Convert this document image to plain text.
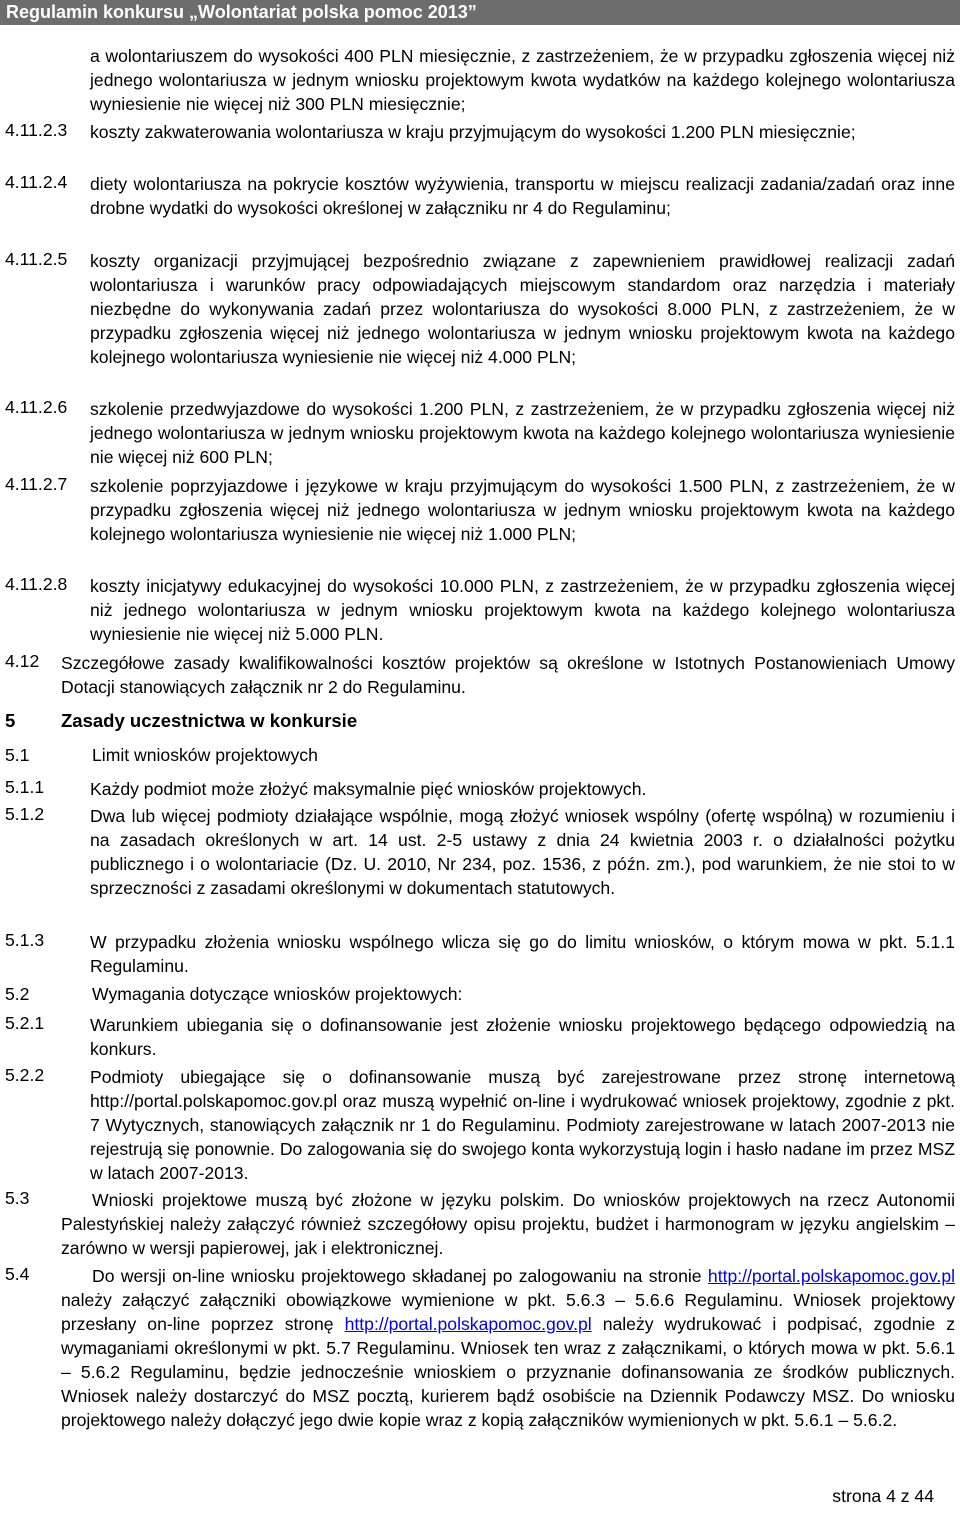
Regulamin konkursu „Wolontariat polska pomoc 2013”
a wolontariuszem do wysokości 400 PLN miesięcznie, z zastrzeżeniem, że w przypadku zgłoszenia więcej niż jednego wolontariusza w jednym wniosku projektowym kwota wydatków na każdego kolejnego wolontariusza wyniesienie nie więcej niż 300 PLN miesięcznie;
4.11.2.3 koszty zakwaterowania wolontariusza w kraju przyjmującym do wysokości 1.200 PLN miesięcznie;
4.11.2.4 diety wolontariusza na pokrycie kosztów wyżywienia, transportu w miejscu realizacji zadania/zadań oraz inne drobne wydatki do wysokości określonej w załączniku nr 4 do Regulaminu;
4.11.2.5 koszty organizacji przyjmującej bezpośrednio związane z zapewnieniem prawidłowej realizacji zadań wolontariusza i warunków pracy odpowiadających miejscowym standardom oraz narzędzia i materiały niezbędne do wykonywania zadań przez wolontariusza do wysokości 8.000 PLN, z zastrzeżeniem, że w przypadku zgłoszenia więcej niż jednego wolontariusza w jednym wniosku projektowym kwota na każdego kolejnego wolontariusza wyniesienie nie więcej niż 4.000 PLN;
4.11.2.6 szkolenie przedwyjazdowe do wysokości 1.200 PLN, z zastrzeżeniem, że w przypadku zgłoszenia więcej niż jednego wolontariusza w jednym wniosku projektowym kwota na każdego kolejnego wolontariusza wyniesienie nie więcej niż 600 PLN;
4.11.2.7 szkolenie poprzyjazdowe i językowe w kraju przyjmującym do wysokości 1.500 PLN, z zastrzeżeniem, że w przypadku zgłoszenia więcej niż jednego wolontariusza w jednym wniosku projektowym kwota na każdego kolejnego wolontariusza wyniesienie nie więcej niż 1.000 PLN;
4.11.2.8 koszty inicjatywy edukacyjnej do wysokości 10.000 PLN, z zastrzeżeniem, że w przypadku zgłoszenia więcej niż jednego wolontariusza w jednym wniosku projektowym kwota na każdego kolejnego wolontariusza wyniesienie nie więcej niż 5.000 PLN.
4.12 Szczegółowe zasady kwalifikowalności kosztów projektów są określone w Istotnych Postanowieniach Umowy Dotacji stanowiących załącznik nr 2 do Regulaminu.
5 Zasady uczestnictwa w konkursie
5.1	Limit wniosków projektowych
5.1.1	Każdy podmiot może złożyć maksymalnie pięć wniosków projektowych.
5.1.2	Dwa lub więcej podmioty działające wspólnie, mogą złożyć wniosek wspólny (ofertę wspólną) w rozumieniu i na zasadach określonych w art. 14 ust. 2-5 ustawy z dnia 24 kwietnia 2003 r. o działalności pożytku publicznego i o wolontariacie (Dz. U. 2010, Nr 234, poz. 1536, z późn. zm.), pod warunkiem, że nie stoi to w sprzeczności z zasadami określonymi w dokumentach statutowych.
5.1.3	W przypadku złożenia wniosku wspólnego wlicza się go do limitu wniosków, o którym mowa w pkt. 5.1.1 Regulaminu.
5.2	Wymagania dotyczące wniosków projektowych:
5.2.1	Warunkiem ubiegania się o dofinansowanie jest złożenie wniosku projektowego będącego odpowiedzią na konkurs.
5.2.2	Podmioty ubiegające się o dofinansowanie muszą być zarejestrowane przez stronę internetową http://portal.polskapomoc.gov.pl oraz muszą wypełnić on-line i wydrukować wniosek projektowy, zgodnie z pkt. 7 Wytycznych, stanowiących załącznik nr 1 do Regulaminu. Podmioty zarejestrowane w latach 2007-2013 nie rejestrują się ponownie. Do zalogowania się do swojego konta wykorzystują login i hasło nadane im przez MSZ w latach 2007-2013.
5.3	Wnioski projektowe muszą być złożone w języku polskim. Do wniosków projektowych na rzecz Autonomii Palestyńskiej należy załączyć również szczegółowy opisu projektu, budżet i harmonogram w języku angielskim – zarówno w wersji papierowej, jak i elektronicznej.
5.4	Do wersji on-line wniosku projektowego składanej po zalogowaniu na stronie http://portal.polskapomoc.gov.pl należy załączyć załączniki obowiązkowe wymienione w pkt. 5.6.3 – 5.6.6 Regulaminu. Wniosek projektowy przesłany on-line poprzez stronę http://portal.polskapomoc.gov.pl należy wydrukować i podpisać, zgodnie z wymaganiami określonymi w pkt. 5.7 Regulaminu. Wniosek ten wraz z załącznikami, o których mowa w pkt. 5.6.1 – 5.6.2 Regulaminu, będzie jednocześnie wnioskiem o przyznanie dofinansowania ze środków publicznych. Wniosek należy dostarczyć do MSZ pocztą, kurierem bądź osobiście na Dziennik Podawczy MSZ. Do wniosku projektowego należy dołączyć jego dwie kopie wraz z kopią załączników wymienionych w pkt. 5.6.1 – 5.6.2.
strona 4 z 44
